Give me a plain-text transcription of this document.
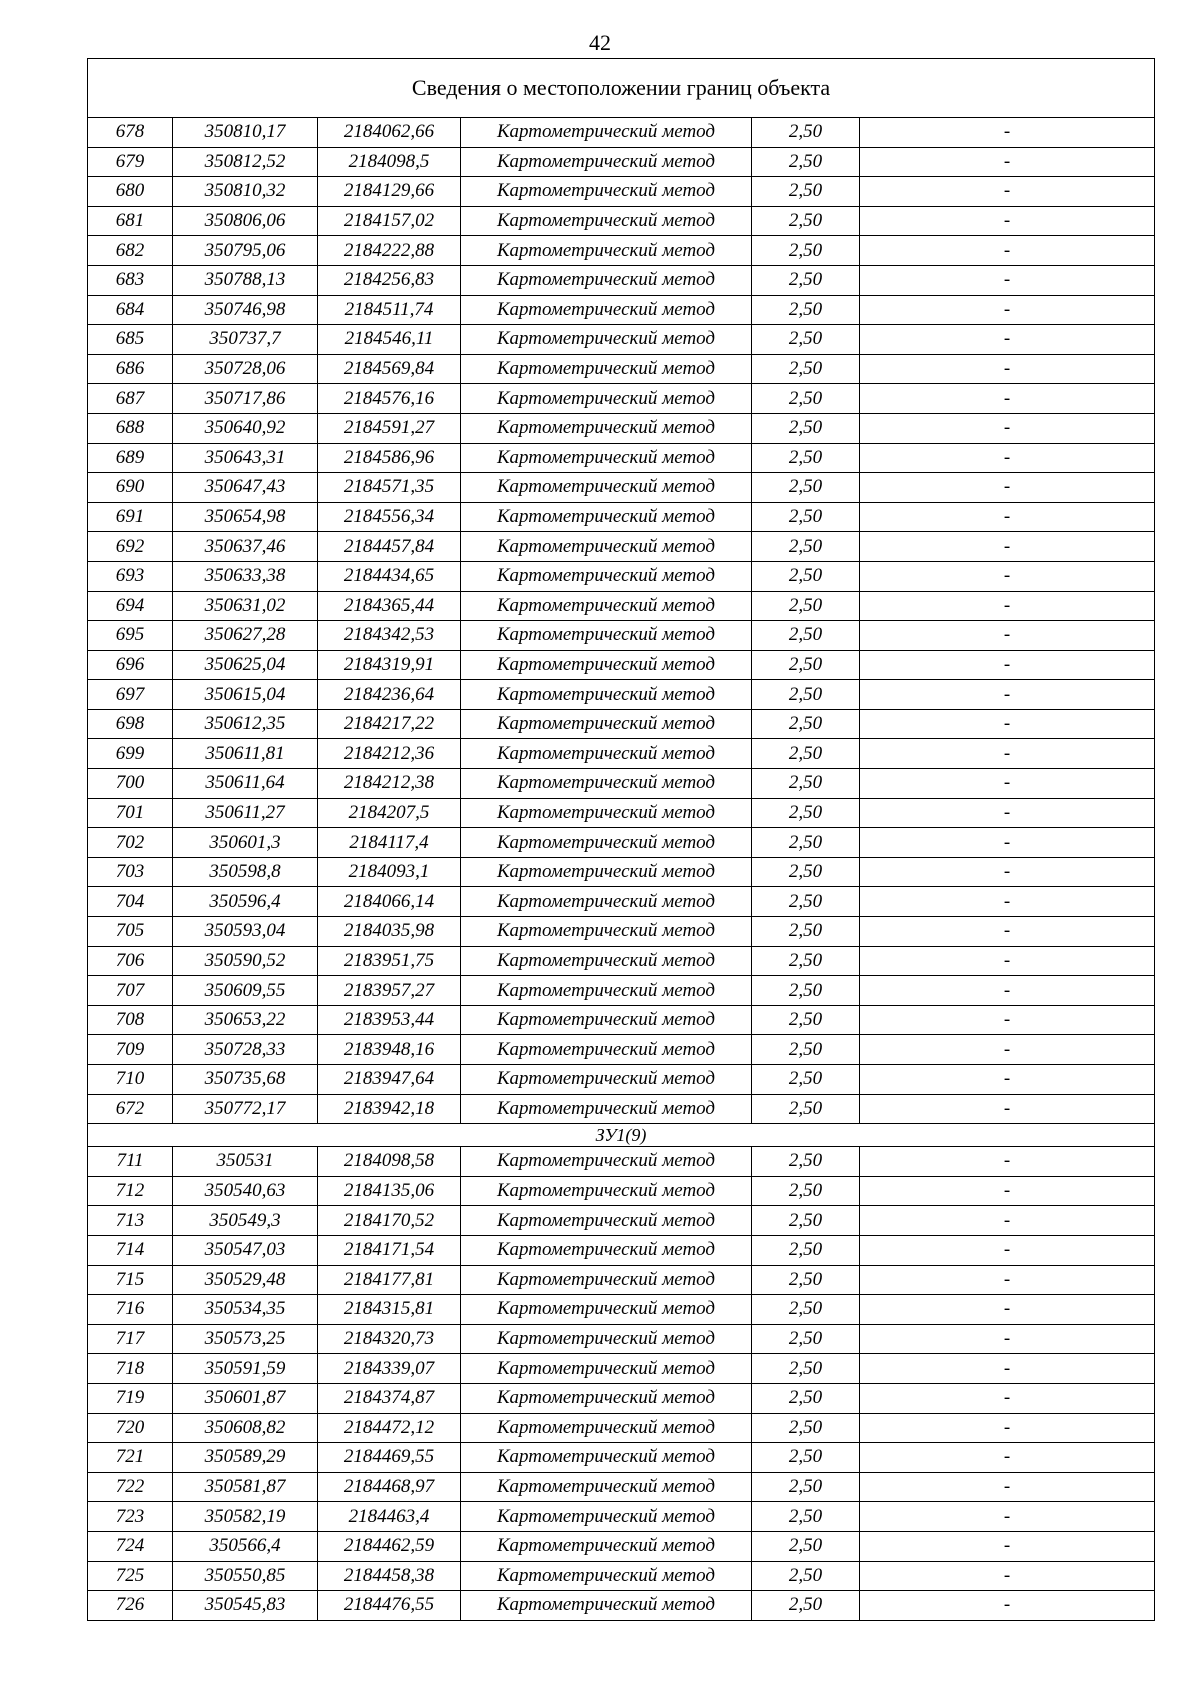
42
Сведения о местоположении границ объекта					
678	350810,17	2184062,66	Картометрический метод	2,50	-
679	350812,52	2184098,5	Картометрический метод	2,50	-
680	350810,32	2184129,66	Картометрический метод	2,50	-
681	350806,06	2184157,02	Картометрический метод	2,50	-
682	350795,06	2184222,88	Картометрический метод	2,50	-
683	350788,13	2184256,83	Картометрический метод	2,50	-
684	350746,98	2184511,74	Картометрический метод	2,50	-
685	350737,7	2184546,11	Картометрический метод	2,50	-
686	350728,06	2184569,84	Картометрический метод	2,50	-
687	350717,86	2184576,16	Картометрический метод	2,50	-
688	350640,92	2184591,27	Картометрический метод	2,50	-
689	350643,31	2184586,96	Картометрический метод	2,50	-
690	350647,43	2184571,35	Картометрический метод	2,50	-
691	350654,98	2184556,34	Картометрический метод	2,50	-
692	350637,46	2184457,84	Картометрический метод	2,50	-
693	350633,38	2184434,65	Картометрический метод	2,50	-
694	350631,02	2184365,44	Картометрический метод	2,50	-
695	350627,28	2184342,53	Картометрический метод	2,50	-
696	350625,04	2184319,91	Картометрический метод	2,50	-
697	350615,04	2184236,64	Картометрический метод	2,50	-
698	350612,35	2184217,22	Картометрический метод	2,50	-
699	350611,81	2184212,36	Картометрический метод	2,50	-
700	350611,64	2184212,38	Картометрический метод	2,50	-
701	350611,27	2184207,5	Картометрический метод	2,50	-
702	350601,3	2184117,4	Картометрический метод	2,50	-
703	350598,8	2184093,1	Картометрический метод	2,50	-
704	350596,4	2184066,14	Картометрический метод	2,50	-
705	350593,04	2184035,98	Картометрический метод	2,50	-
706	350590,52	2183951,75	Картометрический метод	2,50	-
707	350609,55	2183957,27	Картометрический метод	2,50	-
708	350653,22	2183953,44	Картометрический метод	2,50	-
709	350728,33	2183948,16	Картометрический метод	2,50	-
710	350735,68	2183947,64	Картометрический метод	2,50	-
672	350772,17	2183942,18	Картометрический метод	2,50	-
ЗУ1(9)					
711	350531	2184098,58	Картометрический метод	2,50	-
712	350540,63	2184135,06	Картометрический метод	2,50	-
713	350549,3	2184170,52	Картометрический метод	2,50	-
714	350547,03	2184171,54	Картометрический метод	2,50	-
715	350529,48	2184177,81	Картометрический метод	2,50	-
716	350534,35	2184315,81	Картометрический метод	2,50	-
717	350573,25	2184320,73	Картометрический метод	2,50	-
718	350591,59	2184339,07	Картометрический метод	2,50	-
719	350601,87	2184374,87	Картометрический метод	2,50	-
720	350608,82	2184472,12	Картометрический метод	2,50	-
721	350589,29	2184469,55	Картометрический метод	2,50	-
722	350581,87	2184468,97	Картометрический метод	2,50	-
723	350582,19	2184463,4	Картометрический метод	2,50	-
724	350566,4	2184462,59	Картометрический метод	2,50	-
725	350550,85	2184458,38	Картометрический метод	2,50	-
726	350545,83	2184476,55	Картометрический метод	2,50	-
